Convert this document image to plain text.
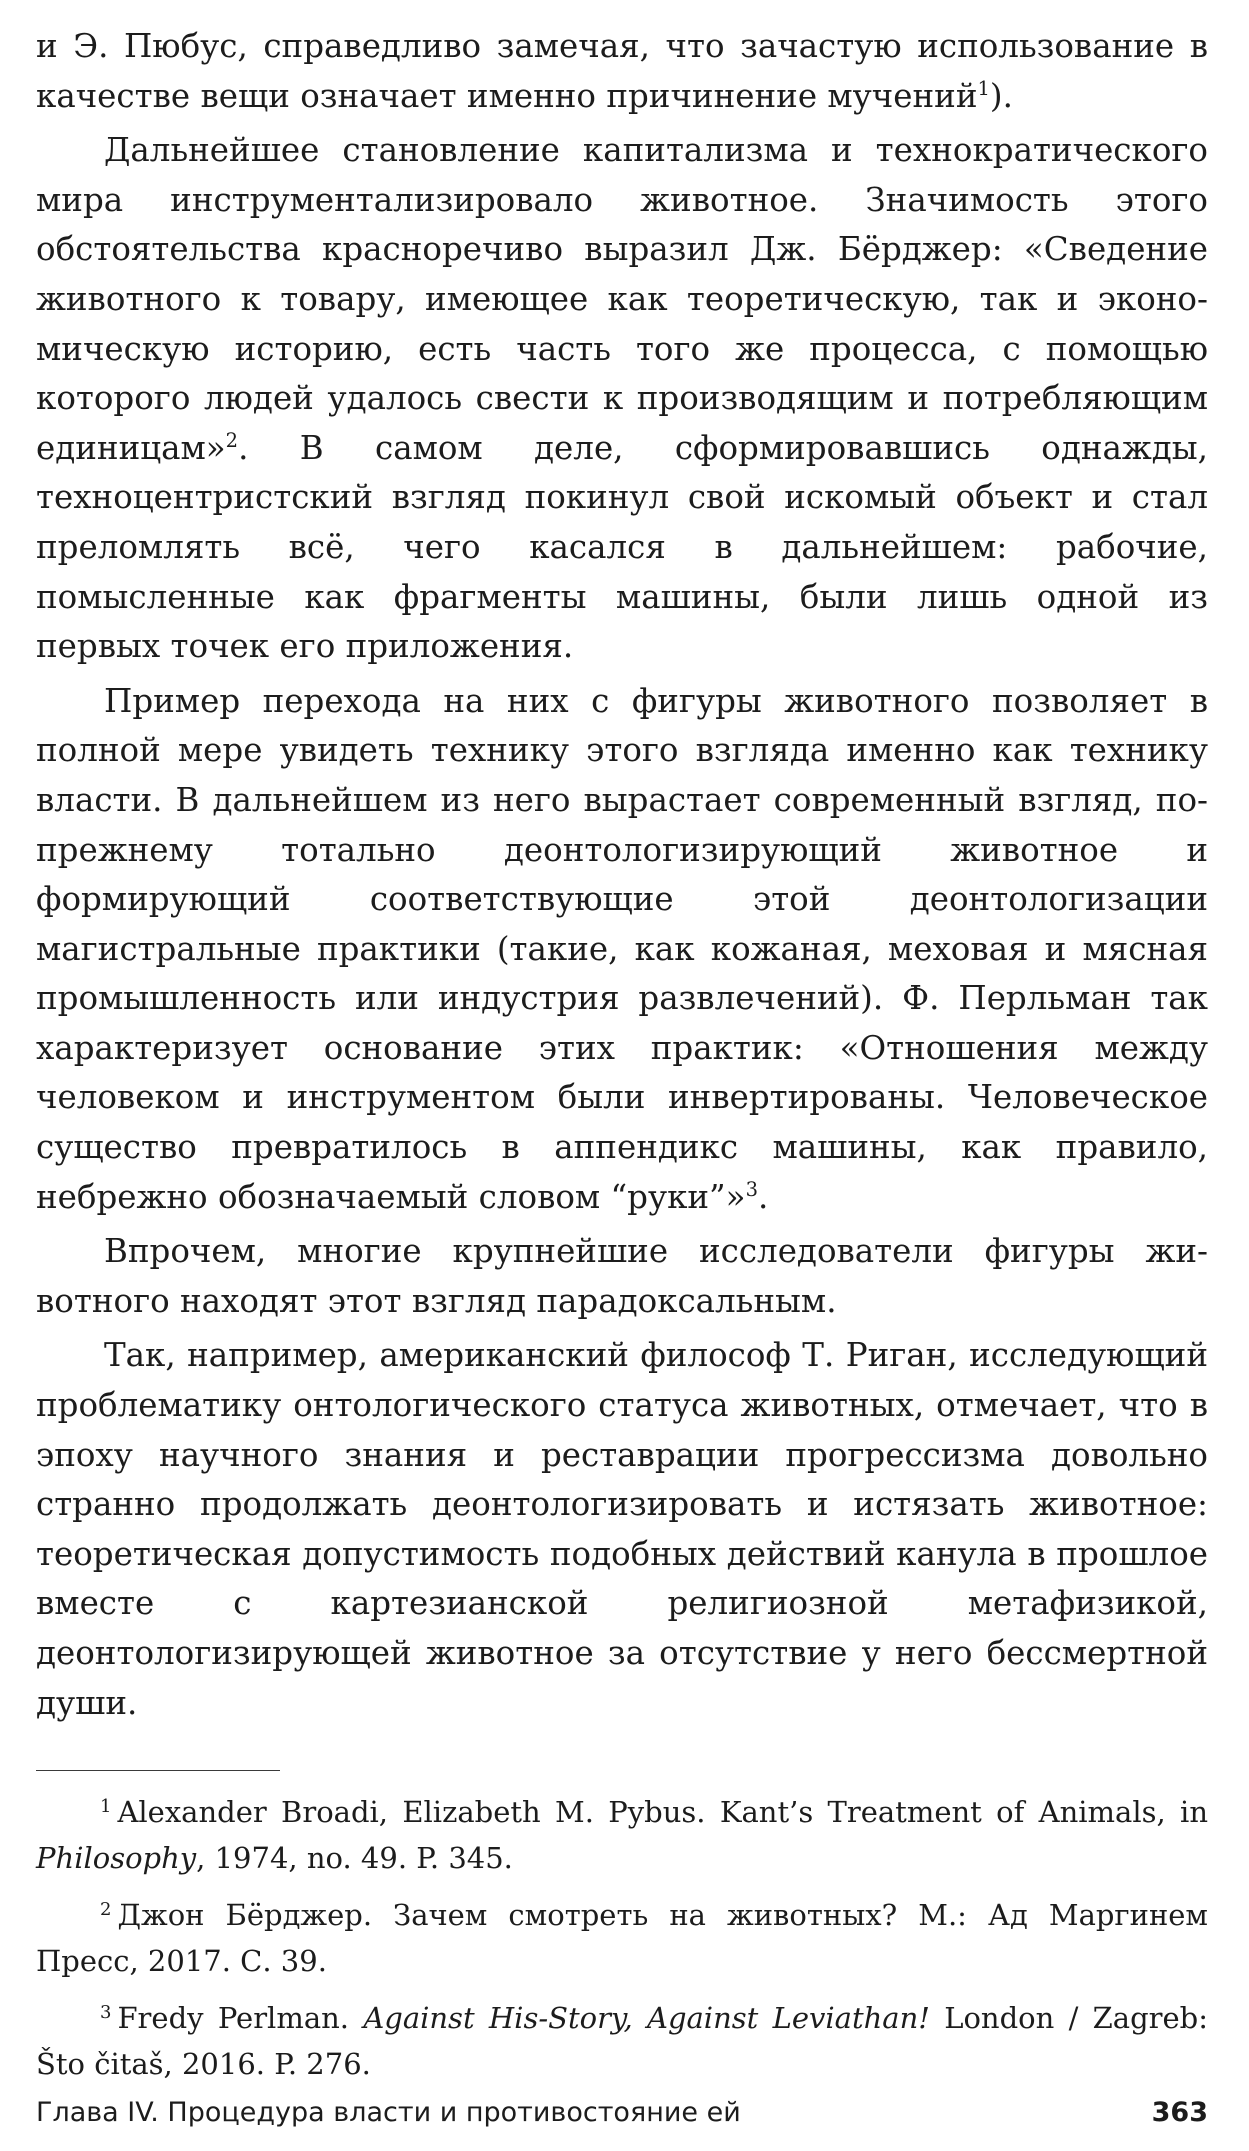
и Э. Пюбус, справедливо замечая, что зачастую использование в качестве вещи означает именно причинение мучений$^1$).

Дальнейшее становление капитализма и технократического мира инструментализировало животное. Значимость этого обстоятельства красноречиво выразил Дж. Бёрджер: «Сведение животного к товару, имеющее как теоретическую, так и экономическую историю, есть часть того же процесса, с помощью которого людей удалось свести к производящим и потребляющим единицам»$^2$. В самом деле, сформировавшись однажды, техноцентристский взгляд покинул свой искомый объект и стал преломлять всё, чего касался в дальнейшем: рабочие, помысленные как фрагменты машины, были лишь одной из первых точек его приложения.

Пример перехода на них с фигуры животного позволяет в полной мере увидеть технику этого взгляда именно как технику власти. В дальнейшем из него вырастает современный взгляд, по-прежнему тотально деонтологизирующий животное и формирующий соответствующие этой деонтологизации магистральные практики (такие, как кожаная, меховая и мясная промышленность или индустрия развлечений). Ф. Перльман так характеризует основание этих практик: «Отношения между человеком и инструментом были инвертированы. Человеческое существо превратилось в аппендикс машины, как правило, небрежно обозначаемый словом “руки”»$^3$.

Впрочем, многие крупнейшие исследователи фигуры животного находят этот взгляд парадоксальным.

Так, например, американский философ Т. Риган, исследующий проблематику онтологического статуса животных, отмечает, что в эпоху научного знания и реставрации прогрессизма довольно странно продолжать деонтологизировать и истязать животное: теоретическая допустимость подобных действий канула в прошлое вместе с картезианской религиозной метафизикой, деонтологизирующей животное за отсутствие у него бессмертной души.

$^1$ Alexander Broadi, Elizabeth M. Pybus. Kant’s Treatment of Animals, in Philosophy, 1974, no. 49. P. 345.

$^2$ Джон Бёрджер. Зачем смотреть на животных? М.: Ад Маргинем Пресс, 2017. С. 39.

$^3$ Fredy Perlman. Against His-Story, Against Leviathan! London / Zagreb: Što čitaš, 2016. P. 276.

Глава IV. Процедура власти и противостояние ей	363
